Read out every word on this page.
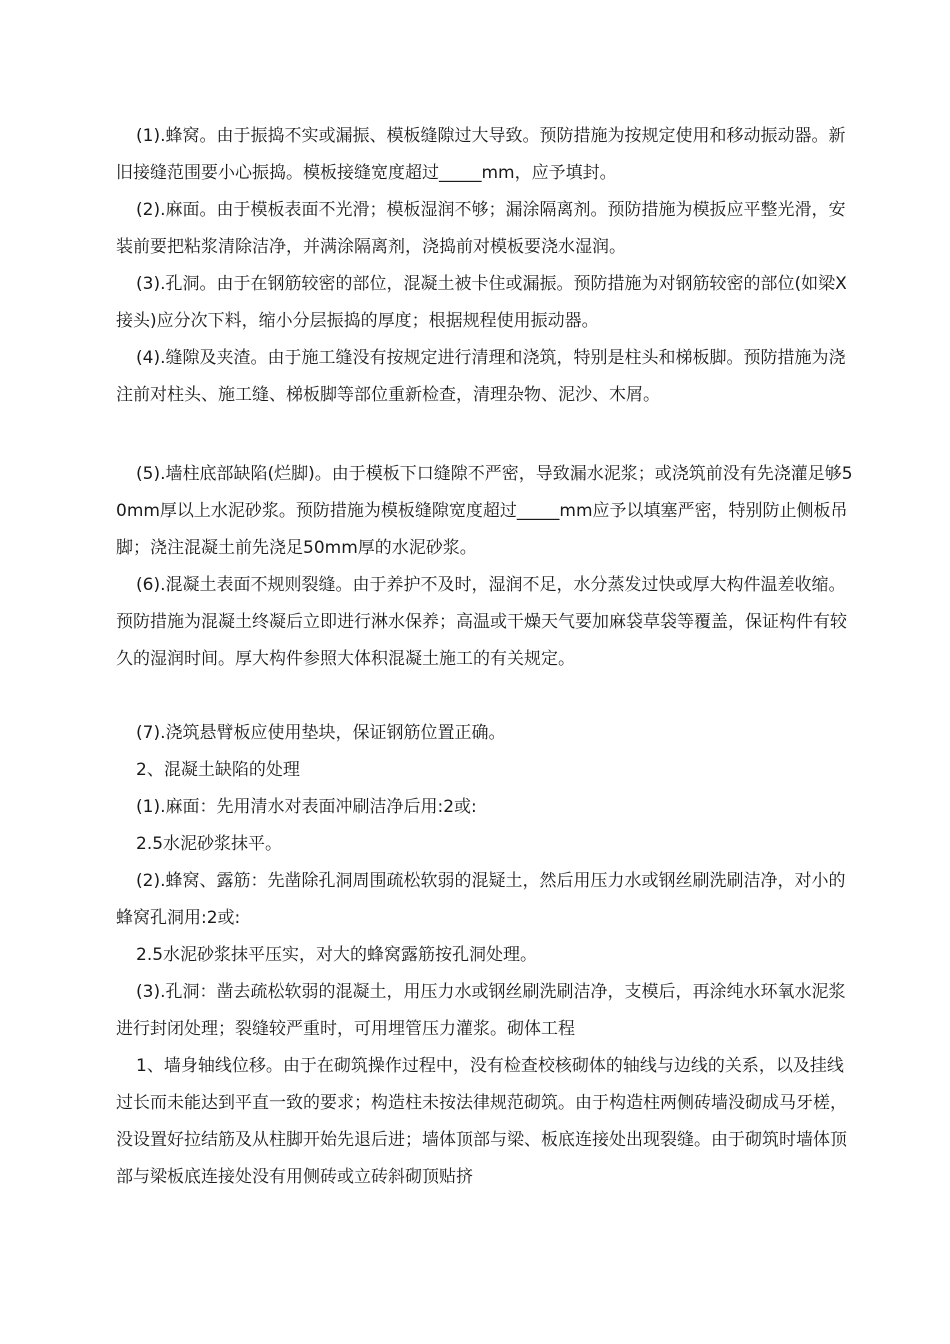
(1).蜂窝。由于振捣不实或漏振、模板缝隙过大导致。预防措施为按规定使用和移动振动器。新旧接缝范围要小心振捣。模板接缝宽度超过_____mm，应予填封。

(2).麻面。由于模板表面不光滑；模板湿润不够；漏涂隔离剂。预防措施为模扳应平整光滑，安装前要把粘浆清除洁净，并满涂隔离剂，浇捣前对模板要浇水湿润。

(3).孔洞。由于在钢筋较密的部位，混凝土被卡住或漏振。预防措施为对钢筋较密的部位(如梁X接头)应分次下料，缩小分层振捣的厚度；根据规程使用振动器。

(4).缝隙及夹渣。由于施工缝没有按规定进行清理和浇筑，特别是柱头和梯板脚。预防措施为浇注前对柱头、施工缝、梯板脚等部位重新检查，清理杂物、泥沙、木屑。

(5).墙柱底部缺陷(烂脚)。由于模板下口缝隙不严密，导致漏水泥浆；或浇筑前没有先浇灌足够50mm厚以上水泥砂浆。预防措施为模板缝隙宽度超过_____mm应予以填塞严密，特别防止侧板吊脚；浇注混凝土前先浇足50mm厚的水泥砂浆。

(6).混凝土表面不规则裂缝。由于养护不及时，湿润不足，水分蒸发过快或厚大构件温差收缩。预防措施为混凝土终凝后立即进行淋水保养；高温或干燥天气要加麻袋草袋等覆盖，保证构件有较久的湿润时间。厚大构件参照大体积混凝土施工的有关规定。

(7).浇筑悬臂板应使用垫块，保证钢筋位置正确。

2、混凝土缺陷的处理

(1).麻面：先用清水对表面冲刷洁净后用:2或:

2.5水泥砂浆抹平。

(2).蜂窝、露筋：先凿除孔洞周围疏松软弱的混疑土，然后用压力水或钢丝刷洗刷洁净，对小的蜂窝孔洞用:2或:

2.5水泥砂浆抹平压实，对大的蜂窝露筋按孔洞处理。

(3).孔洞：凿去疏松软弱的混凝土，用压力水或钢丝刷洗刷洁净，支模后，再涂纯水环氧水泥浆进行封闭处理；裂缝较严重时，可用埋管压力灌浆。砌体工程

1、墙身轴线位移。由于在砌筑操作过程中，没有检查校核砌体的轴线与边线的关系，以及挂线过长而未能达到平直一致的要求；构造柱未按法律规范砌筑。由于构造柱两侧砖墙没砌成马牙槎，没设置好拉结筋及从柱脚开始先退后进；墙体顶部与梁、板底连接处出现裂缝。由于砌筑时墙体顶部与梁板底连接处没有用侧砖或立砖斜砌顶贴挤
